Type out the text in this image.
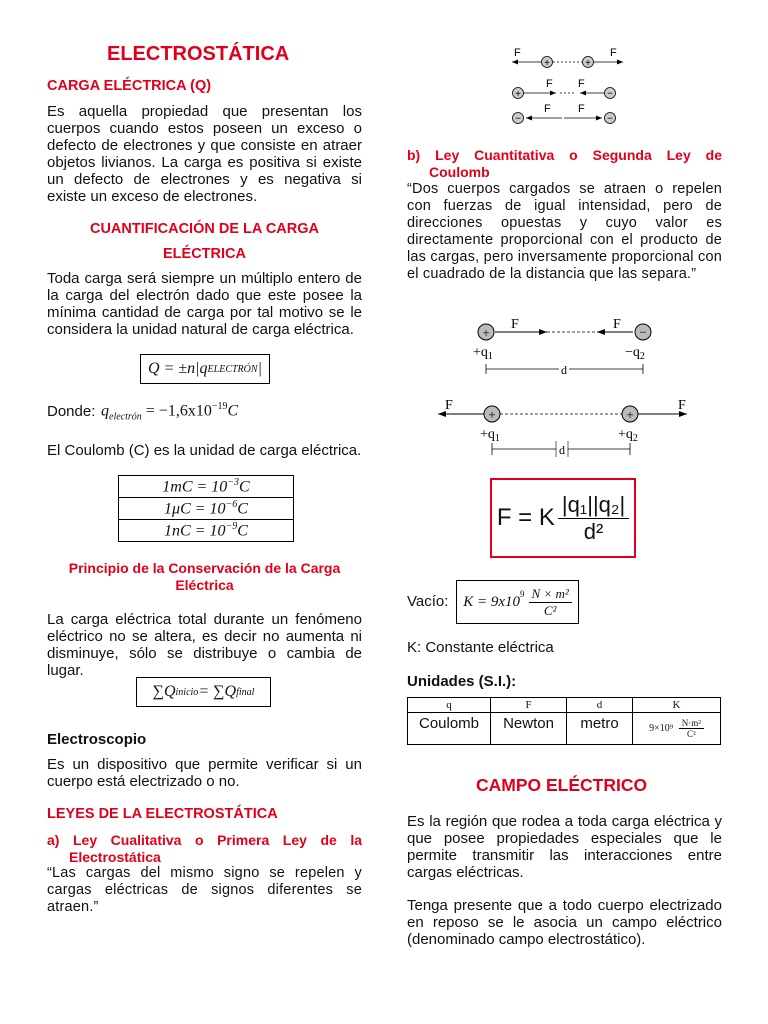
ELECTROSTÁTICA
CARGA ELÉCTRICA (Q)
Es aquella propiedad que presentan los cuerpos cuando estos poseen un exceso o defecto de electrones y que consiste en atraer objetos livianos. La carga es positiva si existe un defecto de electrones y es negativa si existe un exceso de electrones.
CUANTIFICACIÓN DE LA CARGA
ELÉCTRICA
Toda carga será siempre un múltiplo entero de la carga del electrón dado que este posee la mínima cantidad de carga por tal motivo se le considera la unidad natural de carga eléctrica.
Q = ±n|q ELECTRÓN |
Donde: $q_{electrón} = -1,6x10^{-19}C$
El Coulomb (C) es la unidad de carga eléctrica.
$1mC = 10^{-3}C$
$1\mu C = 10^{-6}C$
$1nC = 10^{-9}C$
Principio de la Conservación de la Carga
Eléctrica
La carga eléctrica total durante un fenómeno eléctrico no se altera, es decir no aumenta ni disminuye, sólo se distribuye o cambia de lugar.
∑Q inicio = ∑Q final
Electroscopio
Es un dispositivo que permite verificar si un cuerpo está electrizado o no.
LEYES DE LA ELECTROSTÁTICA
a) Ley Cualitativa o Primera Ley de la
Electrostática
“Las cargas del mismo signo se repelen y cargas eléctricas de signos diferentes se atraen.”
+	+
F	F
+	−
F F
−	−
F F
b) Ley Cuantitativa o Segunda Ley de
Coulomb
“Dos cuerpos cargados se atraen o repelen con fuerzas de igual intensidad, pero de direcciones opuestas y cuyo valor es directamente proporcional con el producto de las cargas, pero inversamente proporcional con el cuadrado de la distancia que las separa.”
+	−
F	F
$+q_1$	$-q_2$
d
+	+
F	F
$+q_1$	$+q_2$
d
F = K $\frac{\text{|q₁||q₂|}}{\text{d²}}$
Vacío: $K = 9x10^9 \frac{\text{N × m²}}{\text{C²}}$
K: Constante eléctrica
Unidades (S.I.):
q	F	d	K
Coulomb	Newton	metro	$9\times 10^9 \frac{\text{N·m²}}{\text{C²}}$
CAMPO ELÉCTRICO
Es la región que rodea a toda carga eléctrica y que posee propiedades especiales que le permite transmitir las interacciones entre cargas eléctricas.
Tenga presente que a todo cuerpo electrizado en reposo se le asocia un campo eléctrico (denominado campo electrostático).
